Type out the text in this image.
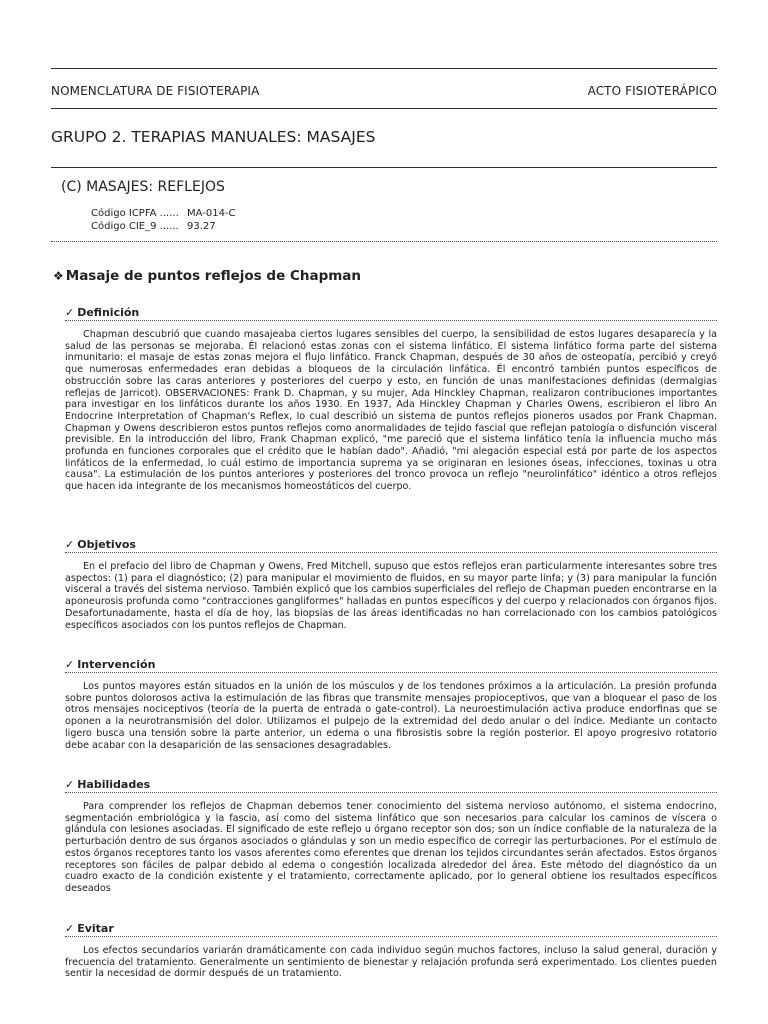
NOMENCLATURA DE FISIOTERAPIA	ACTO FISIOTERÁPICO
GRUPO 2. TERAPIAS MANUALES: MASAJES
(C) MASAJES: REFLEJOS
Código ICPFA ...... MA-014-C
Código CIE_9 ...... 93.27
❖ Masaje de puntos reflejos de Chapman
✓ Definición
Chapman descubrió que cuando masajeaba ciertos lugares sensibles del cuerpo, la sensibilidad de estos lugares desaparecía y la salud de las personas se mejoraba. Él relacionó estas zonas con el sistema linfático. El sistema linfático forma parte del sistema inmunitario: el masaje de estas zonas mejora el flujo linfático. Franck Chapman, después de 30 años de osteopatía, percibió y creyó que numerosas enfermedades eran debidas a bloqueos de la circulación linfática. Él encontró también puntos específicos de obstrucción sobre las caras anteriores y posteriores del cuerpo y esto, en función de unas manifestaciones definidas (dermalgias reflejas de Jarricot). OBSERVACIONES: Frank D. Chapman, y su mujer, Ada Hinckley Chapman, realizaron contribuciones importantes para investigar en los linfáticos durante los años 1930. En 1937, Ada Hinckley Chapman y Charles Owens, escribieron el libro An Endocrine Interpretation of Chapman's Reflex, lo cual describió un sistema de puntos reflejos pioneros usados por Frank Chapman. Chapman y Owens describieron estos puntos reflejos como anormalidades de tejido fascial que reflejan patología o disfunción visceral previsible. En la introducción del libro, Frank Chapman explicó, "me pareció que el sistema linfático tenía la influencia mucho más profunda en funciones corporales que el crédito que le habían dado". Añadió, "mi alegación especial está por parte de los aspectos linfáticos de la enfermedad, lo cuál estimo de importancia suprema ya se originaran en lesiones óseas, infecciones, toxinas u otra causa". La estimulación de los puntos anteriores y posteriores del tronco provoca un reflejo "neurolinfático" idéntico a otros reflejos que hacen ida integrante de los mecanismos homeostáticos del cuerpo.
✓ Objetivos
En el prefacio del libro de Chapman y Owens, Fred Mitchell, supuso que estos reflejos eran particularmente interesantes sobre tres aspectos: (1) para el diagnóstico; (2) para manipular el movimiento de fluidos, en su mayor parte linfa; y (3) para manipular la función visceral a través del sistema nervioso. También explicó que los cambios superficiales del reflejo de Chapman pueden encontrarse en la aponeurosis profunda como "contracciones gangliformes" halladas en puntos específicos y del cuerpo y relacionados con órganos fijos. Desafortunadamente, hasta el día de hoy, las biopsias de las áreas identificadas no han correlacionado con los cambios patológicos específicos asociados con los puntos reflejos de Chapman.
✓ Intervención
Los puntos mayores están situados en la unión de los músculos y de los tendones próximos a la articulación. La presión profunda sobre puntos dolorosos activa la estimulación de las fibras que transmite mensajes propioceptivos, que van a bloquear el paso de los otros mensajes nociceptivos (teoría de la puerta de entrada o gate-control). La neuroestimulación activa produce endorfinas que se oponen a la neurotransmisión del dolor. Utilizamos el pulpejo de la extremidad del dedo anular o del índice. Mediante un contacto ligero busca una tensión sobre la parte anterior, un edema o una fibrosistis sobre la región posterior. El apoyo progresivo rotatorio debe acabar con la desaparición de las sensaciones desagradables.
✓ Habilidades
Para comprender los reflejos de Chapman debemos tener conocimiento del sistema nervioso autónomo, el sistema endocrino, segmentación embriológica y la fascia, así como del sistema linfático que son necesarios para calcular los caminos de víscera o glándula con lesiones asociadas. El significado de este reflejo u órgano receptor son dos; son un índice confiable de la naturaleza de la perturbación dentro de sus órganos asociados o glándulas y son un medio específico de corregir las perturbaciones. Por el estímulo de estos órganos receptores tanto los vasos aferentes como eferentes que drenan los tejidos circundantes serán afectados. Estos órganos receptores son fáciles de palpar debido al edema o congestión localizada alrededor del área. Este método del diagnóstico da un cuadro exacto de la condición existente y el tratamiento, correctamente aplicado, por lo general obtiene los resultados específicos deseados
✓ Evitar
Los efectos secundarios variarán dramáticamente con cada individuo según muchos factores, incluso la salud general, duración y frecuencia del tratamiento. Generalmente un sentimiento de bienestar y relajación profunda será experimentado. Los clientes pueden sentir la necesidad de dormir después de un tratamiento.
